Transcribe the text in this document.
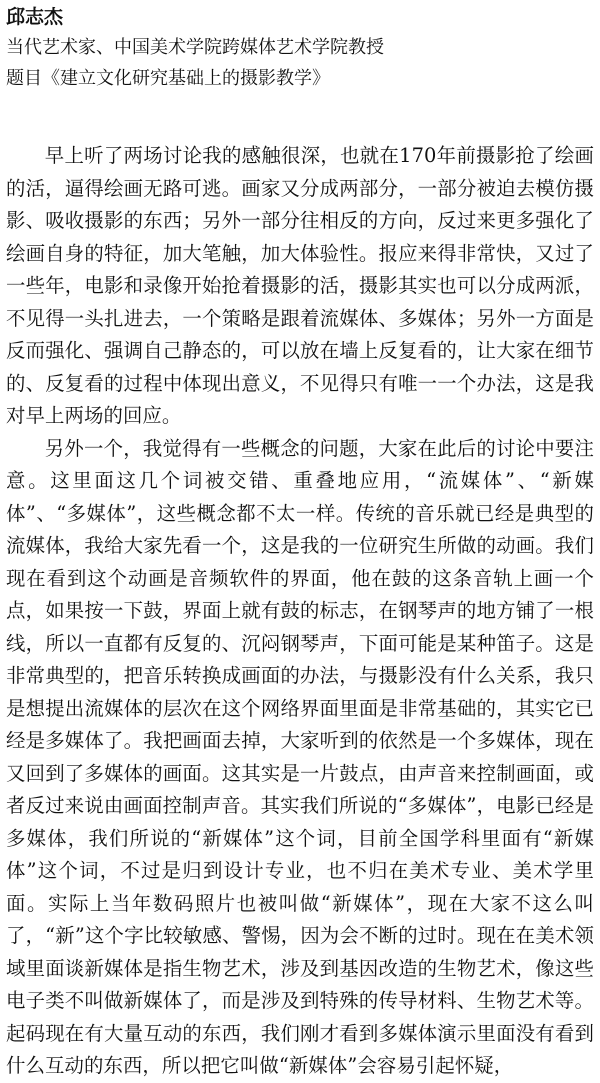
邱志杰

当代艺术家、中国美术学院跨媒体艺术学院教授

题目《建立文化研究基础上的摄影教学》

早上听了两场讨论我的感触很深，也就在170年前摄影抢了绘画的活，逼得绘画无路可逃。画家又分成两部分，一部分被迫去模仿摄影、吸收摄影的东西；另外一部分往相反的方向，反过来更多强化了绘画自身的特征，加大笔触，加大体验性。报应来得非常快，又过了一些年，电影和录像开始抢着摄影的活，摄影其实也可以分成两派，不见得一头扎进去，一个策略是跟着流媒体、多媒体；另外一方面是反而强化、强调自己静态的，可以放在墙上反复看的，让大家在细节的、反复看的过程中体现出意义，不见得只有唯一一个办法，这是我对早上两场的回应。

另外一个，我觉得有一些概念的问题，大家在此后的讨论中要注意。这里面这几个词被交错、重叠地应用，“流媒体”、“新媒体”、“多媒体”，这些概念都不太一样。传统的音乐就已经是典型的流媒体，我给大家先看一个，这是我的一位研究生所做的动画。我们现在看到这个动画是音频软件的界面，他在鼓的这条音轨上画一个点，如果按一下鼓，界面上就有鼓的标志，在钢琴声的地方铺了一根线，所以一直都有反复的、沉闷钢琴声，下面可能是某种笛子。这是非常典型的，把音乐转换成画面的办法，与摄影没有什么关系，我只是想提出流媒体的层次在这个网络界面里面是非常基础的，其实它已经是多媒体了。我把画面去掉，大家听到的依然是一个多媒体，现在又回到了多媒体的画面。这其实是一片鼓点，由声音来控制画面，或者反过来说由画面控制声音。其实我们所说的“多媒体”，电影已经是多媒体，我们所说的“新媒体”这个词，目前全国学科里面有“新媒体”这个词，不过是归到设计专业，也不归在美术专业、美术学里面。实际上当年数码照片也被叫做“新媒体”，现在大家不这么叫了，“新”这个字比较敏感、警惕，因为会不断的过时。现在在美术领域里面谈新媒体是指生物艺术，涉及到基因改造的生物艺术，像这些电子类不叫做新媒体了，而是涉及到特殊的传导材料、生物艺术等。起码现在有大量互动的东西，我们刚才看到多媒体演示里面没有看到什么互动的东西，所以把它叫做“新媒体”会容易引起怀疑，
